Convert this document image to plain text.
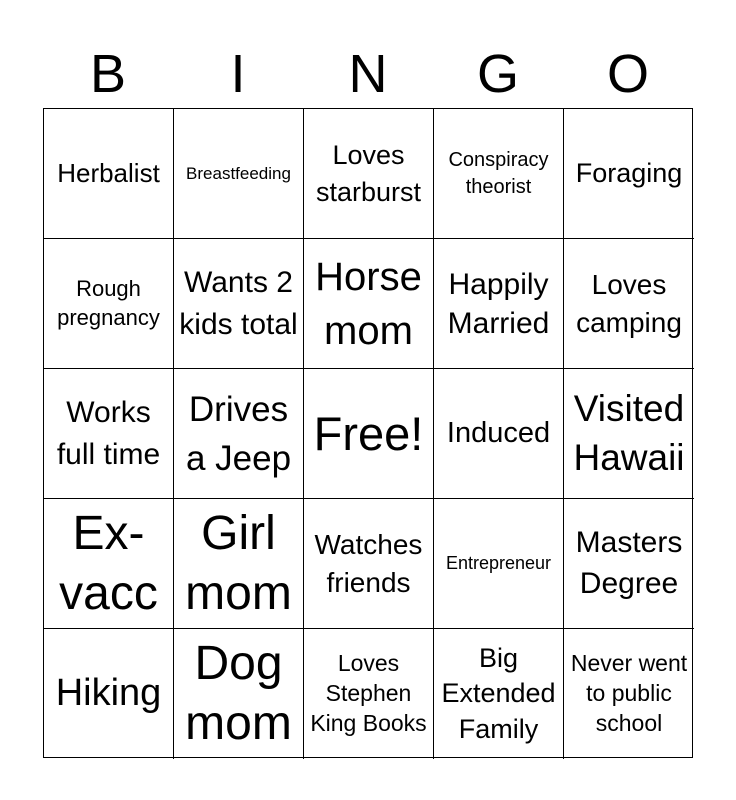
B	I	N	G	O
Herbalist	Breastfeeding
Loves starburst
Conspiracy theorist	Foraging
Rough pregnancy
Wants 2 kids total
Horse mom
Happily Married
Loves camping
Works full time
Drives a Jeep Free! Induced
Visited Hawaii
Ex-vacc
Girl mom
Watches friends
Entrepreneur
Masters Degree
Hiking
Dog mom
Loves Stephen King Books
Big Extended Family
Never went to public school
